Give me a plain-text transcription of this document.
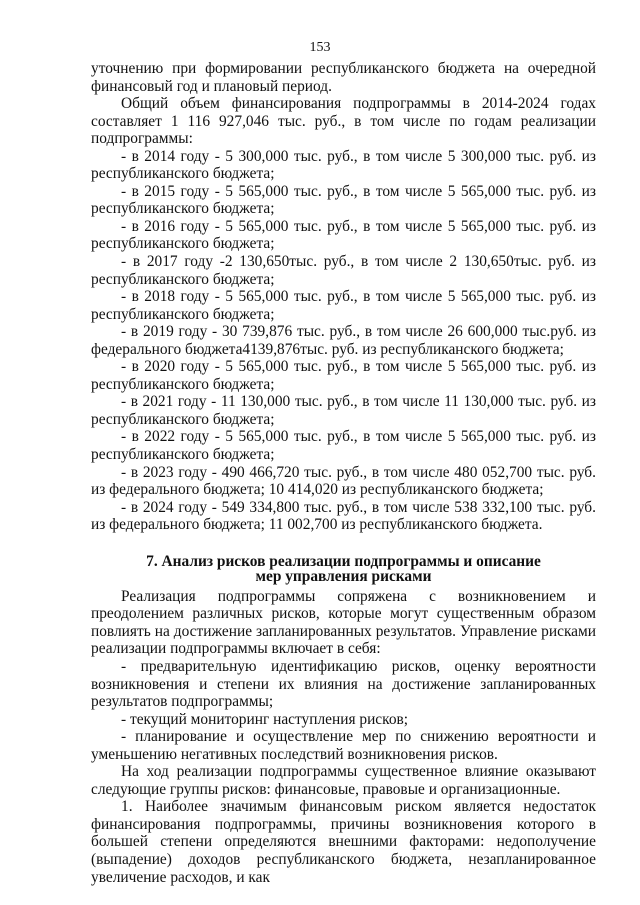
153

уточнению при формировании республиканского бюджета на очередной финансовый год и плановый период.

Общий объем финансирования подпрограммы в 2014-2024 годах составляет 1 116 927,046 тыс. руб., в том числе по годам реализации подпрограммы:

- в 2014 году - 5 300,000 тыс. руб., в том числе 5 300,000 тыс. руб. из республиканского бюджета;

- в 2015 году - 5 565,000 тыс. руб., в том числе 5 565,000 тыс. руб. из республиканского бюджета;

- в 2016 году - 5 565,000 тыс. руб., в том числе 5 565,000 тыс. руб. из республиканского бюджета;

- в 2017 году -2 130,650тыс. руб., в том числе 2 130,650тыс. руб. из республиканского бюджета;

- в 2018 году - 5 565,000 тыс. руб., в том числе 5 565,000 тыс. руб. из республиканского бюджета;

- в 2019 году - 30 739,876 тыс. руб., в том числе 26 600,000 тыс.руб. из федерального бюджета4139,876тыс. руб. из республиканского бюджета;

- в 2020 году - 5 565,000 тыс. руб., в том числе 5 565,000 тыс. руб. из республиканского бюджета;

- в 2021 году - 11 130,000 тыс. руб., в том числе 11 130,000 тыс. руб. из республиканского бюджета;

- в 2022 году - 5 565,000 тыс. руб., в том числе 5 565,000 тыс. руб. из республиканского бюджета;

- в 2023 году - 490 466,720 тыс. руб., в том числе 480 052,700 тыс. руб. из федерального бюджета; 10 414,020 из республиканского бюджета;

- в 2024 году - 549 334,800 тыс. руб., в том числе 538 332,100 тыс. руб. из федерального бюджета; 11 002,700 из республиканского бюджета.

7. Анализ рисков реализации подпрограммы и описание

мер управления рисками

Реализация подпрограммы сопряжена с возникновением и преодолением различных рисков, которые могут существенным образом повлиять на достижение запланированных результатов. Управление рисками реализации подпрограммы включает в себя:

- предварительную идентификацию рисков, оценку вероятности возникновения и степени их влияния на достижение запланированных результатов подпрограммы;

- текущий мониторинг наступления рисков;

- планирование и осуществление мер по снижению вероятности и уменьшению негативных последствий возникновения рисков.

На ход реализации подпрограммы существенное влияние оказывают следующие группы рисков: финансовые, правовые и организационные.

1. Наиболее значимым финансовым риском является недостаток финансирования подпрограммы, причины возникновения которого в большей степени определяются внешними факторами: недополучение (выпадение) доходов республиканского бюджета, незапланированное увеличение расходов, и как
